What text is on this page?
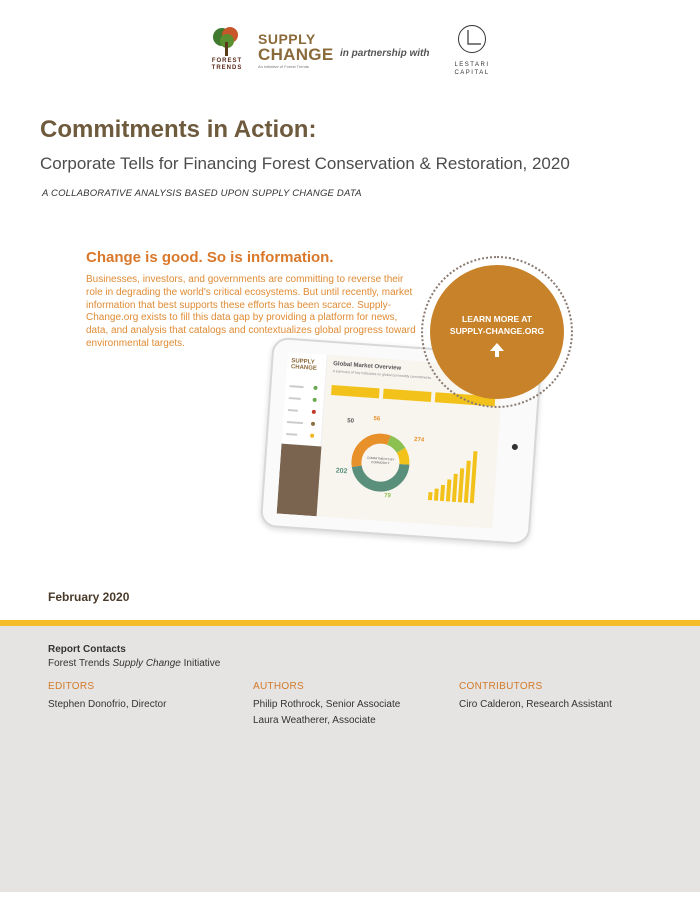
FOREST TRENDS
SUPPLY
CHANGE
An Initiative of Forest Trends
in partnership with
LESTARI CAPITAL
Commitments in Action:
Corporate Tells for Financing Forest Conservation & Restoration, 2020
A COLLABORATIVE ANALYSIS BASED UPON SUPPLY CHANGE DATA
Change is good. So is information.
Businesses, investors, and governments are committing to reverse their role in degrading the world's critical ecosystems. But until recently, market information that best supports these efforts has been scarce. Supply-Change.org exists to fill this data gap by providing a platform for news, data, and analysis that catalogs and contextualizes global progress toward environmental targets.
SUPPLY
CHANGE	Global Market Overview
A summary of key indicators on global commodity commitments
COMMITMENTS BY COMMODITY
50	56
274
202
79
LEARN MORE AT
SUPPLY-CHANGE.ORG
February 2020
Report Contacts
Forest Trends Supply Change Initiative
EDITORS
Stephen Donofrio, Director
AUTHORS
Philip Rothrock, Senior Associate
Laura Weatherer, Associate
CONTRIBUTORS
Ciro Calderon, Research Assistant
